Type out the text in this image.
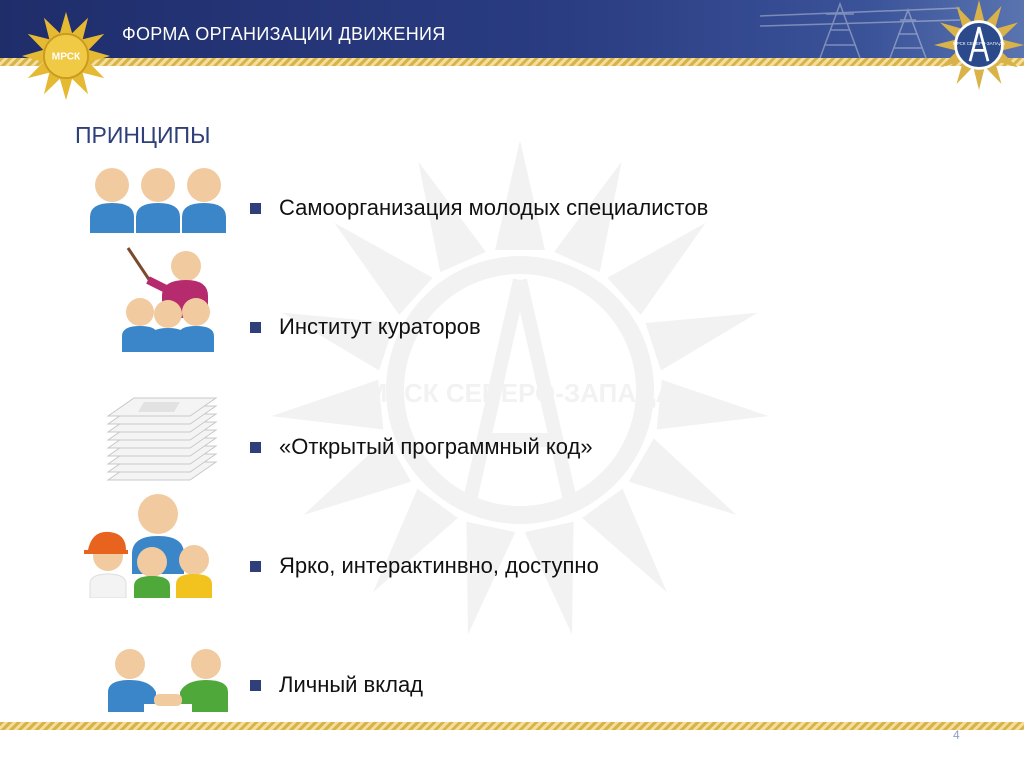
ФОРМА ОРГАНИЗАЦИИ ДВИЖЕНИЯ
МРСК
МРСК СЕВЕРО-ЗАПАДА
МРСК СЕВЕРО-ЗАПАДА
ПРИНЦИПЫ
Самоорганизация молодых специалистов
Институт кураторов
«Открытый программный код»
Ярко, интерактинвно, доступно
Личный вклад
4
